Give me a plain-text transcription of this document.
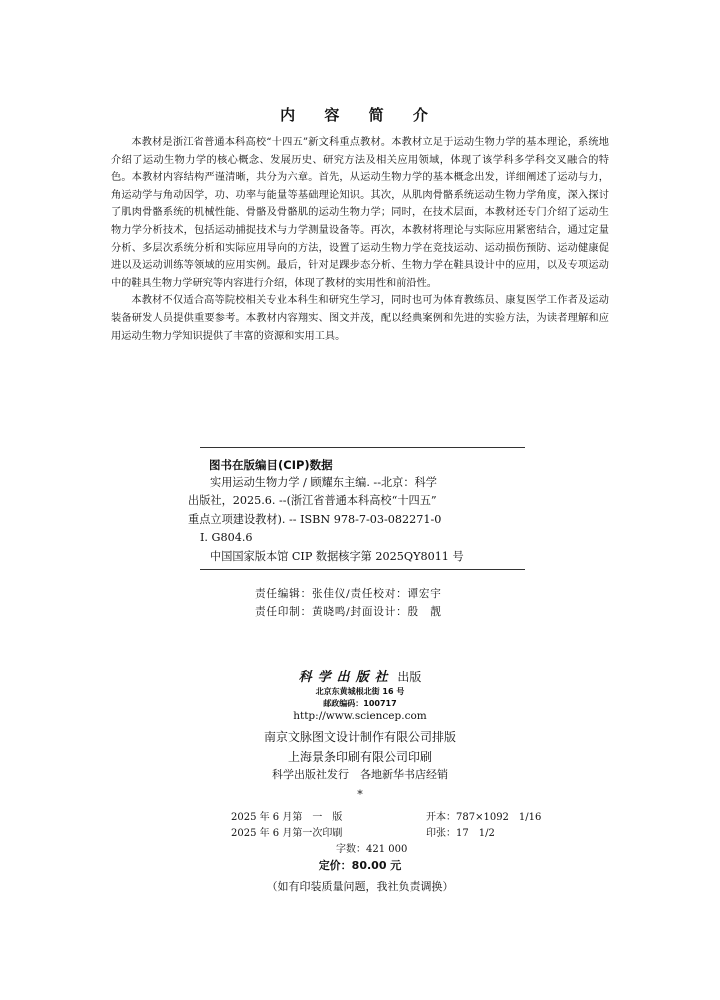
内 容 简 介

本教材是浙江省普通本科高校“十四五”新文科重点教材。本教材立足于运动生物力学的基本理论，系统地介绍了运动生物力学的核心概念、发展历史、研究方法及相关应用领域，体现了该学科多学科交叉融合的特色。本教材内容结构严谨清晰，共分为六章。首先，从运动生物力学的基本概念出发，详细阐述了运动与力，角运动学与角动因学，功、功率与能量等基础理论知识。其次，从肌肉骨骼系统运动生物力学角度，深入探讨了肌肉骨骼系统的机械性能、骨骼及骨骼肌的运动生物力学；同时，在技术层面，本教材还专门介绍了运动生物力学分析技术，包括运动捕捉技术与力学测量设备等。再次，本教材将理论与实际应用紧密结合，通过定量分析、多层次系统分析和实际应用导向的方法，设置了运动生物力学在竞技运动、运动损伤预防、运动健康促进以及运动训练等领域的应用实例。最后，针对足踝步态分析、生物力学在鞋具设计中的应用，以及专项运动中的鞋具生物力学研究等内容进行介绍，体现了教材的实用性和前沿性。

本教材不仅适合高等院校相关专业本科生和研究生学习，同时也可为体育教练员、康复医学工作者及运动装备研发人员提供重要参考。本教材内容翔实、图文并茂，配以经典案例和先进的实验方法，为读者理解和应用运动生物力学知识提供了丰富的资源和实用工具。

图书在版编目(CIP)数据
实用运动生物力学 / 顾耀东主编. --北京：科学
出版社，2025.6. --(浙江省普通本科高校“十四五”
重点立项建设教材). -- ISBN 978-7-03-082271-0
Ⅰ. G804.6
中国国家版本馆 CIP 数据核字第 2025QY8011 号
责任编辑：张佳仪/责任校对：谭宏宇
责任印制：黄晓鸣/封面设计：殷　靓
科学出版社 出版
北京东黄城根北街 16 号
邮政编码：100717
http://www.sciencep.com
南京文脉图文设计制作有限公司排版
上海景条印刷有限公司印刷
科学出版社发行　各地新华书店经销
*
2025 年 6 月第　一　版	开本：787×1092　1/16
2025 年 6 月第一次印刷	印张：17　1/2
字数：421 000
定价：80.00 元
（如有印装质量问题，我社负责调换）
